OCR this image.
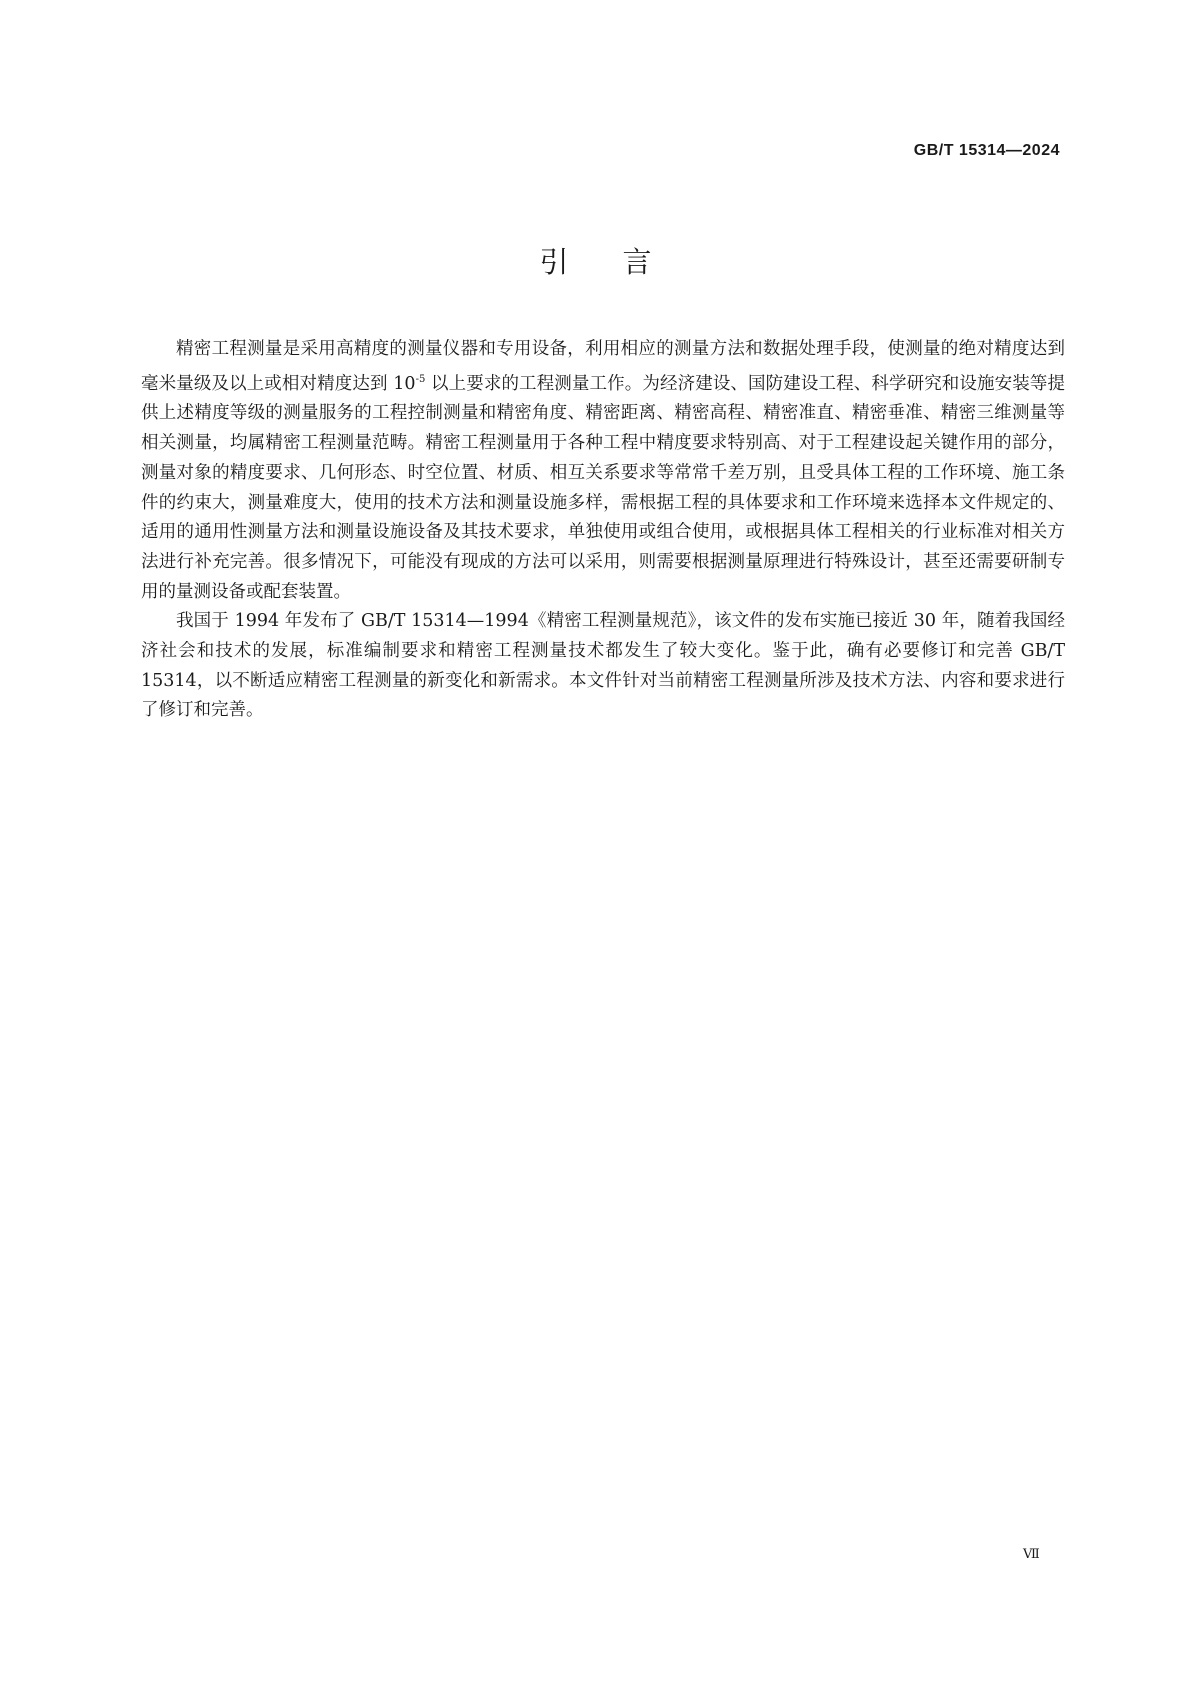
GB/T 15314—2024
引言

精密工程测量是采用高精度的测量仪器和专用设备，利用相应的测量方法和数据处理手段，使测量的绝对精度达到毫米量级及以上或相对精度达到 $10^{-5}$ 以上要求的工程测量工作。为经济建设、国防建设工程、科学研究和设施安装等提供上述精度等级的测量服务的工程控制测量和精密角度、精密距离、精密高程、精密准直、精密垂准、精密三维测量等相关测量，均属精密工程测量范畴。精密工程测量用于各种工程中精度要求特别高、对于工程建设起关键作用的部分，测量对象的精度要求、几何形态、时空位置、材质、相互关系要求等常常千差万别，且受具体工程的工作环境、施工条件的约束大，测量难度大，使用的技术方法和测量设施多样，需根据工程的具体要求和工作环境来选择本文件规定的、适用的通用性测量方法和测量设施设备及其技术要求，单独使用或组合使用，或根据具体工程相关的行业标准对相关方法进行补充完善。很多情况下，可能没有现成的方法可以采用，则需要根据测量原理进行特殊设计，甚至还需要研制专用的量测设备或配套装置。

我国于 1994 年发布了 GB/T 15314—1994《精密工程测量规范》，该文件的发布实施已接近 30 年，随着我国经济社会和技术的发展，标准编制要求和精密工程测量技术都发生了较大变化。鉴于此，确有必要修订和完善 GB/T 15314，以不断适应精密工程测量的新变化和新需求。本文件针对当前精密工程测量所涉及技术方法、内容和要求进行了修订和完善。

Ⅶ
